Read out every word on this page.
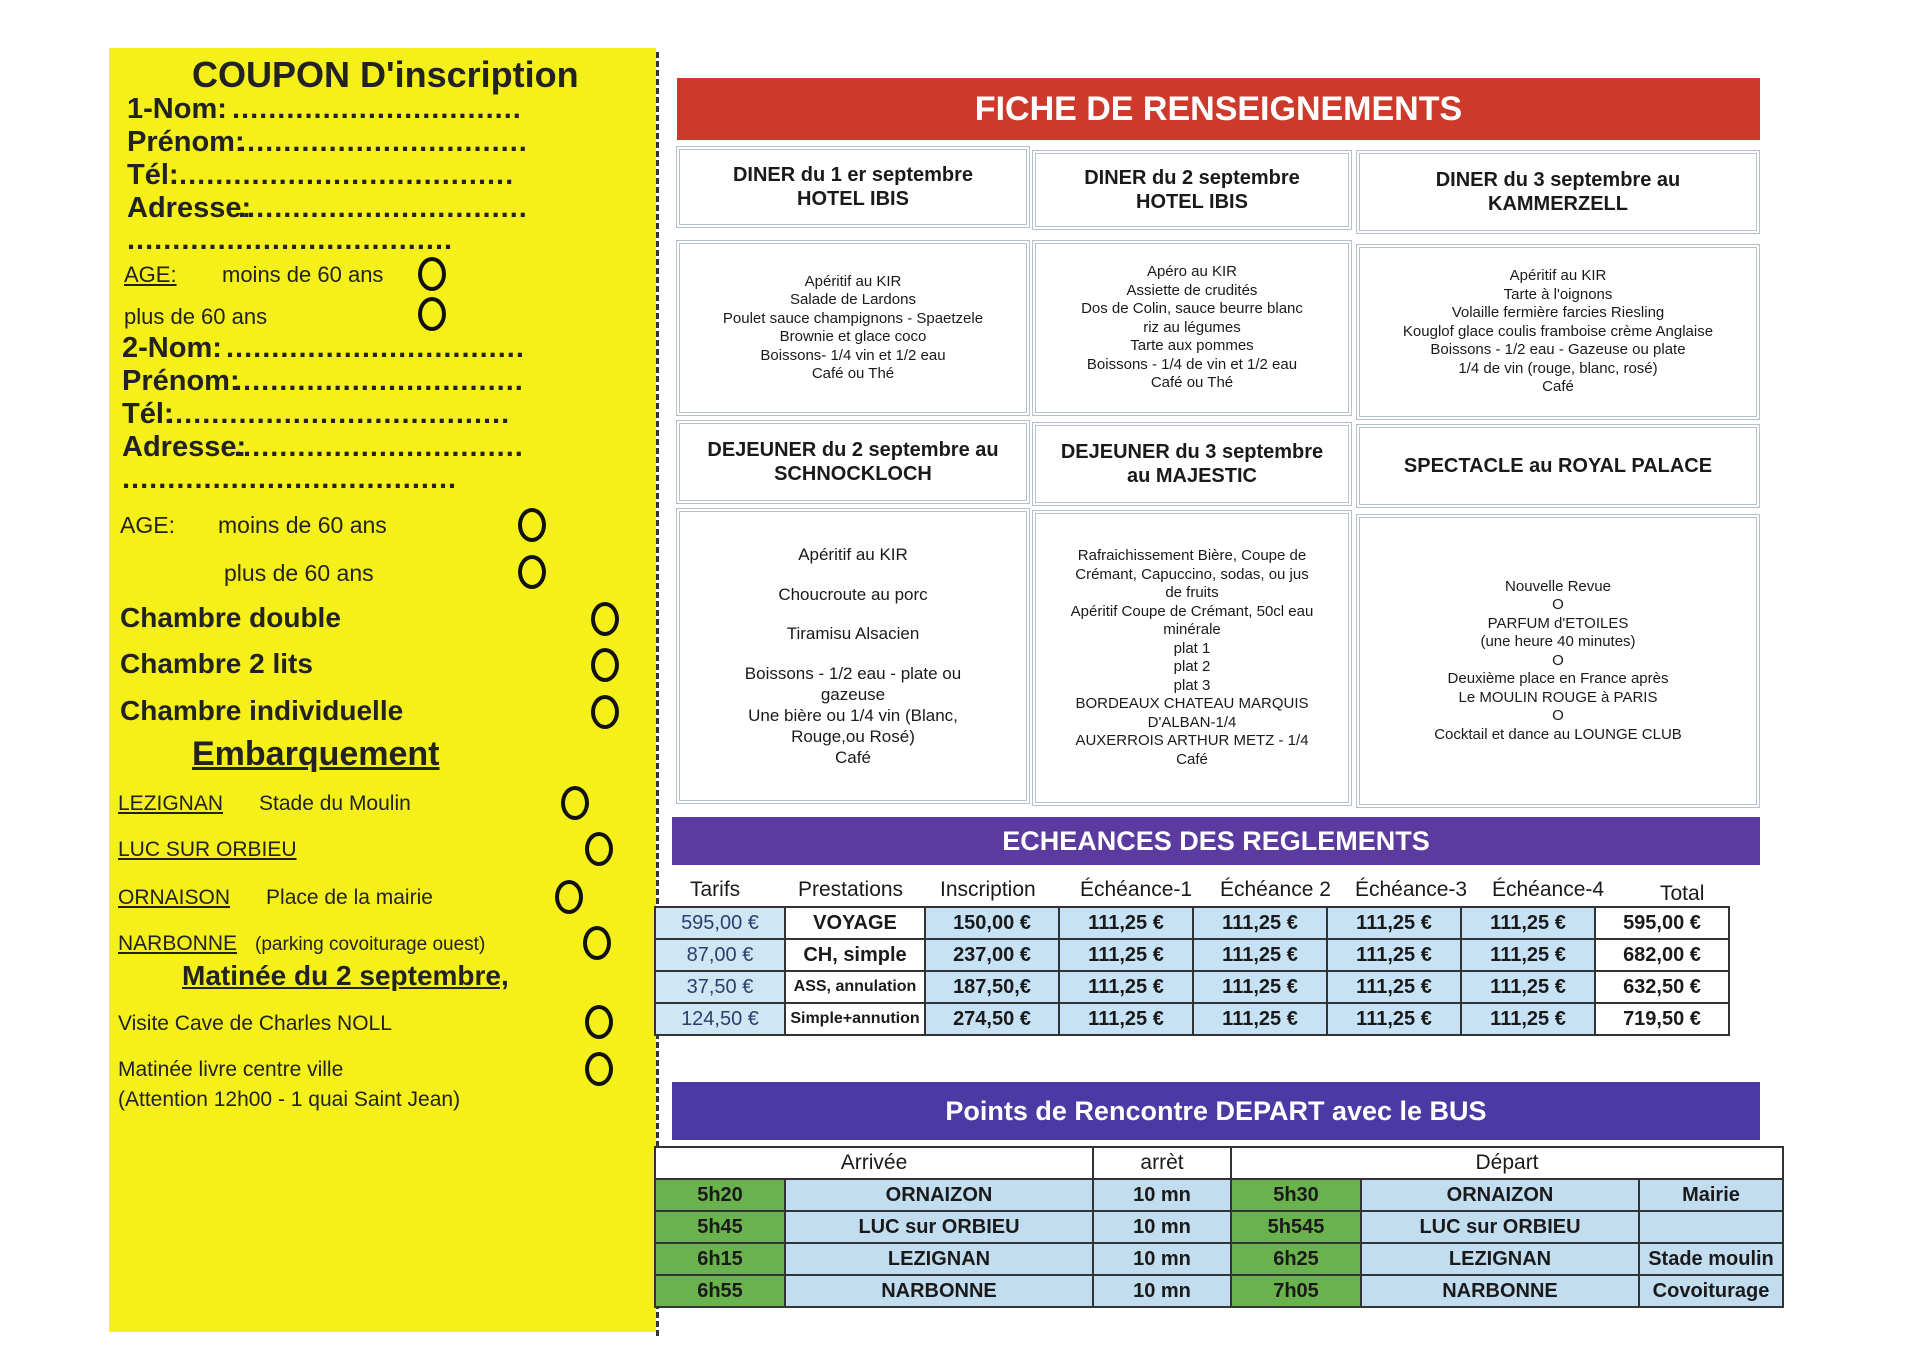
COUPON D'inscription
1-Nom: ................................
Prénom:
................................
Tél:
......................................
Adresse:
................................
....................................
AGE: moins de 60 ans
plus de 60 ans
2-Nom: .................................
Prénom:
................................
Tél:
......................................
Adresse:
................................
.....................................
AGE: moins de 60 ans
plus de 60 ans
Chambre double
Chambre 2 lits
Chambre individuelle
Embarquement
LEZIGNAN Stade du Moulin
LUC SUR ORBIEU
ORNAISON Place de la mairie
NARBONNE (parking covoiturage ouest)
Matinée du 2 septembre,
Visite Cave de Charles NOLL
Matinée livre centre ville
(Attention 12h00 - 1 quai Saint Jean)
FICHE DE RENSEIGNEMENTS
DINER du 1 er septembre
HOTEL IBIS
DINER du 2 septembre
HOTEL IBIS
DINER du 3 septembre au
KAMMERZELL
Apéritif au KIR
Salade de Lardons
Poulet sauce champignons - Spaetzele
Brownie et glace coco
Boissons- 1/4 vin et 1/2 eau
Café ou Thé
Apéro au KIR
Assiette de crudités
Dos de Colin, sauce beurre blanc
riz au légumes
Tarte aux pommes
Boissons - 1/4 de vin et 1/2 eau
Café ou Thé
Apéritif au KIR
Tarte à l'oignons
Volaille fermière farcies Riesling
Kouglof glace coulis framboise crème Anglaise
Boissons - 1/2 eau - Gazeuse ou plate
1/4 de vin (rouge, blanc, rosé)
Café
DEJEUNER du 2 septembre au
SCHNOCKLOCH
DEJEUNER du 3 septembre
au MAJESTIC	SPECTACLE au ROYAL PALACE
Apéritif au KIR
Choucroute au porc
Tiramisu Alsacien
Boissons - 1/2 eau - plate ou
gazeuse
Une bière ou 1/4 vin (Blanc,
Rouge,ou Rosé)
Café
Rafraichissement Bière, Coupe de
Crémant, Capuccino, sodas, ou jus
de fruits
Apéritif Coupe de Crémant, 50cl eau
minérale
plat 1
plat 2
plat 3
BORDEAUX CHATEAU MARQUIS
D'ALBAN-1/4
AUXERROIS ARTHUR METZ - 1/4
Café
Nouvelle Revue
O
PARFUM d'ETOILES
(une heure 40 minutes)
O
Deuxième place en France après
Le MOULIN ROUGE à PARIS
O
Cocktail et dance au LOUNGE CLUB
ECHEANCES DES REGLEMENTS
Tarifs	Prestations Inscription Échéance-1 Échéance 2 Échéance-3 Échéance-4	Total
595,00 €	VOYAGE	150,00 €	111,25 €	111,25 €	111,25 €	111,25 €	595,00 €
87,00 €	CH, simple	237,00 €	111,25 €	111,25 €	111,25 €	111,25 €	682,00 €
37,50 €	ASS, annulation	187,50,€	111,25 €	111,25 €	111,25 €	111,25 €	632,50 €
124,50 €	Simple+annution	274,50 €	111,25 €	111,25 €	111,25 €	111,25 €	719,50 €
Points de Rencontre DEPART avec le BUS
Arrivée		arrèt	Départ		
5h20	ORNAIZON	10 mn	5h30	ORNAIZON	Mairie
5h45	LUC sur ORBIEU	10 mn	5h545	LUC sur ORBIEU	
6h15	LEZIGNAN	10 mn	6h25	LEZIGNAN	Stade moulin
6h55	NARBONNE	10 mn	7h05	NARBONNE	Covoiturage
